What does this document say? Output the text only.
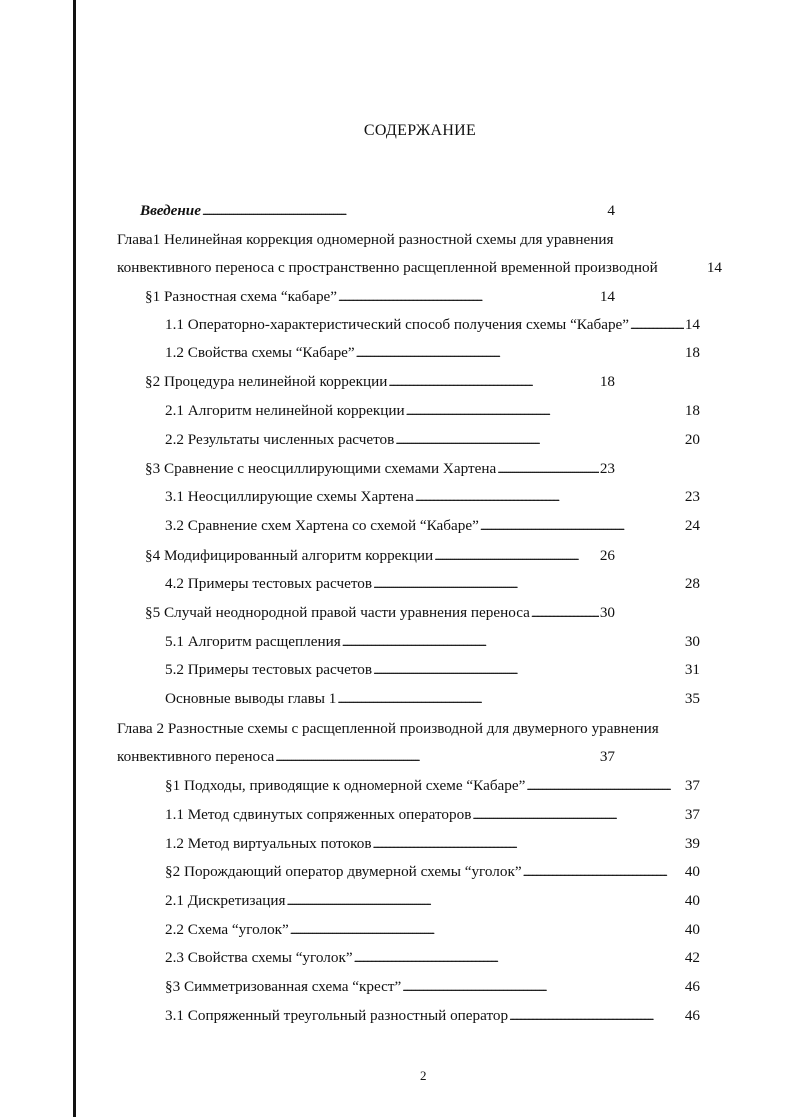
СОДЕРЖАНИЕ
Введение . . .	4
Глава1 Нелинейная коррекция одномерной разностной схемы для уравнения
конвективного переноса с пространственно расщепленной временной производной	14
§1 Разностная схема “кабаре” . . .	14
1.1 Операторно-характеристический способ получения схемы “Кабаре” . . .	14
1.2 Свойства схемы “Кабаре” . . .	18
§2 Процедура нелинейной коррекции . . .	18
2.1 Алгоритм нелинейной коррекции . . .	18
2.2 Результаты численных расчетов . . .	20
§3 Сравнение с неосциллирующими схемами Хартена . . .	23
3.1 Неосциллирующие схемы Хартена . . .	23
3.2 Сравнение схем Хартена со схемой “Кабаре” . . .	24
§4 Модифицированный алгоритм коррекции . . .	26
4.2 Примеры тестовых расчетов . . .	28
§5 Случай неоднородной правой части уравнения переноса . . .	30
5.1 Алгоритм расщепления . . .	30
5.2 Примеры тестовых расчетов . . .	31
Основные выводы главы 1 . . .	35
Глава 2 Разностные схемы с расщепленной производной для двумерного уравнения
конвективного переноса . . .	37
§1 Подходы, приводящие к одномерной схеме “Кабаре” . . .	37
1.1 Метод сдвинутых сопряженных операторов . . .	37
1.2 Метод виртуальных потоков . . .	39
§2 Порождающий оператор двумерной схемы “уголок” . . .	40
2.1 Дискретизация . . .	40
2.2 Схема “уголок” . . .	40
2.3 Свойства схемы “уголок” . . .	42
§3 Симметризованная схема “крест” . . .	46
3.1 Сопряженный треугольный разностный оператор . . .	46
2
